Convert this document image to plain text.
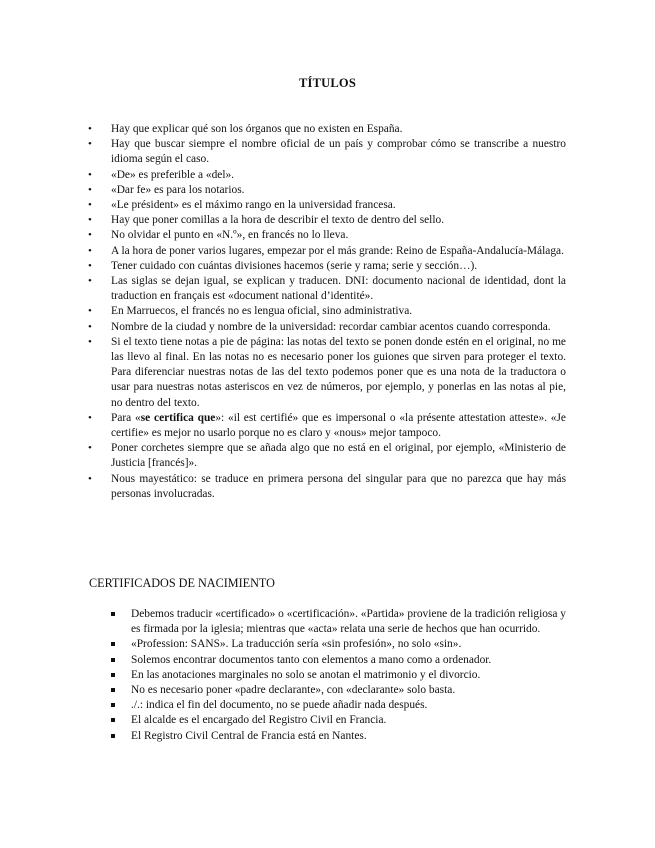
TÍTULOS
• Hay que explicar qué son los órganos que no existen en España.
• Hay que buscar siempre el nombre oficial de un país y comprobar cómo se transcribe a nuestro idioma según el caso.
• «De» es preferible a «del».
• «Dar fe» es para los notarios.
• «Le président» es el máximo rango en la universidad francesa.
• Hay que poner comillas a la hora de describir el texto de dentro del sello.
• No olvidar el punto en «N.º», en francés no lo lleva.
• A la hora de poner varios lugares, empezar por el más grande: Reino de España-Andalucía-Málaga.
• Tener cuidado con cuántas divisiones hacemos (serie y rama; serie y sección…).
• Las siglas se dejan igual, se explican y traducen. DNI: documento nacional de identidad, dont la traduction en français est «document national d’identité».
• En Marruecos, el francés no es lengua oficial, sino administrativa.
• Nombre de la ciudad y nombre de la universidad: recordar cambiar acentos cuando corresponda.
• Si el texto tiene notas a pie de página: las notas del texto se ponen donde estén en el original, no me las llevo al final. En las notas no es necesario poner los guiones que sirven para proteger el texto. Para diferenciar nuestras notas de las del texto podemos poner que es una nota de la traductora o usar para nuestras notas asteriscos en vez de números, por ejemplo, y ponerlas en las notas al pie, no dentro del texto.
• Para «se certifica que»: «il est certifié» que es impersonal o «la présente attestation atteste». «Je certifie» es mejor no usarlo porque no es claro y «nous» mejor tampoco.
• Poner corchetes siempre que se añada algo que no está en el original, por ejemplo, «Ministerio de Justicia [francés]».
• Nous mayestático: se traduce en primera persona del singular para que no parezca que hay más personas involucradas.
CERTIFICADOS DE NACIMIENTO
Debemos traducir «certificado» o «certificación». «Partida» proviene de la tradición religiosa y es firmada por la iglesia; mientras que «acta» relata una serie de hechos que han ocurrido.
«Profession: SANS». La traducción sería «sin profesión», no solo «sin».
Solemos encontrar documentos tanto con elementos a mano como a ordenador.
En las anotaciones marginales no solo se anotan el matrimonio y el divorcio.
No es necesario poner «padre declarante», con «declarante» solo basta.
./.: indica el fin del documento, no se puede añadir nada después.
El alcalde es el encargado del Registro Civil en Francia.
El Registro Civil Central de Francia está en Nantes.
